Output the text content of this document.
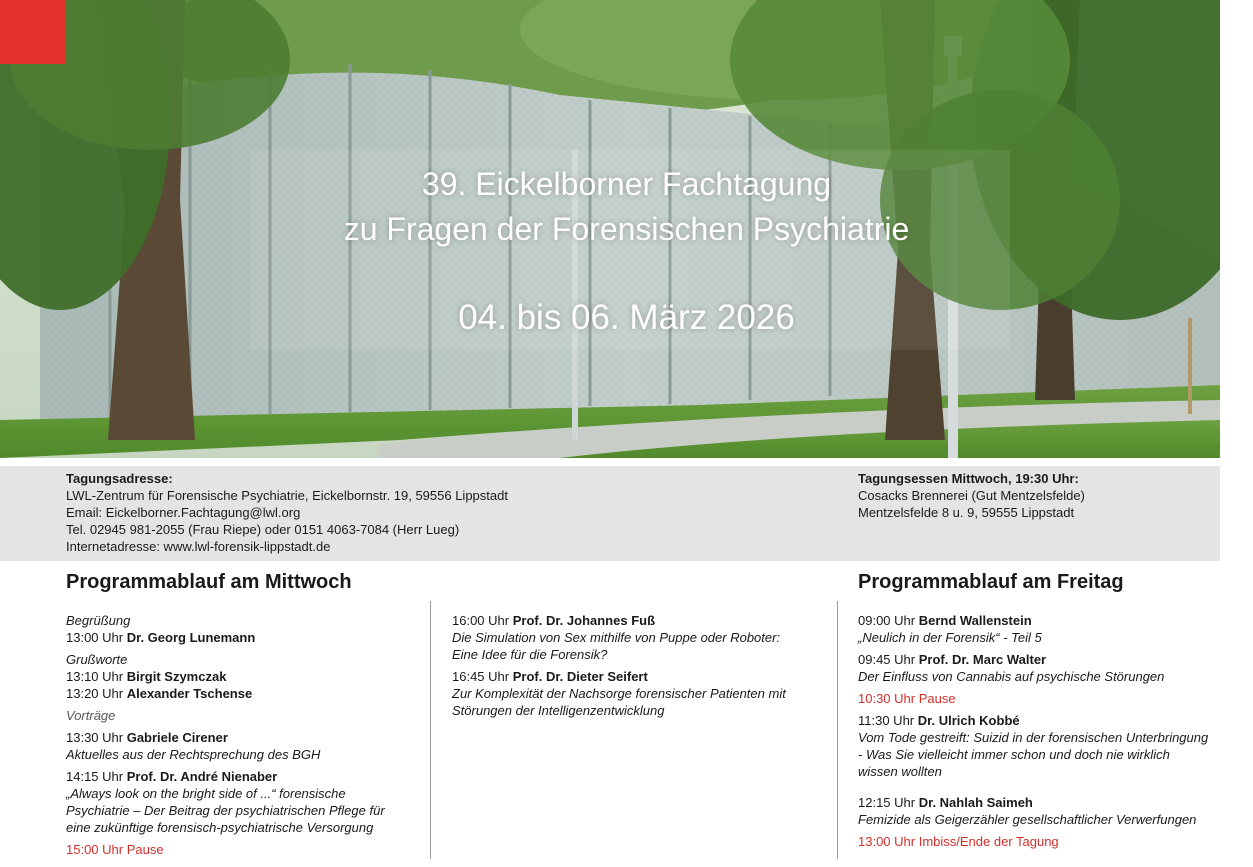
39. Eickelborner Fachtagung
zu Fragen der Forensischen Psychiatrie
04. bis 06. März 2026
Tagungsadresse:
LWL-Zentrum für Forensische Psychiatrie, Eickelbornstr. 19, 59556 Lippstadt
Email: Eickelborner.Fachtagung@lwl.org
Tel. 02945 981-2055 (Frau Riepe) oder 0151 4063-7084 (Herr Lueg)
Internetadresse: www.lwl-forensik-lippstadt.de
Tagungsessen Mittwoch, 19:30 Uhr:
Cosacks Brennerei (Gut Mentzelsfelde)
Mentzelsfelde 8 u. 9, 59555 Lippstadt
Programmablauf am Mittwoch	Programmablauf am Freitag

Begrüßung

13:00 Uhr Dr. Georg Lunemann

Grußworte

13:10 Uhr Birgit Szymczak

13:20 Uhr Alexander Tschense

Vorträge

13:30 Uhr Gabriele Cirener

Aktuelles aus der Rechtsprechung des BGH

14:15 Uhr Prof. Dr. André Nienaber

„Always look on the bright side of ...“ forensische

Psychiatrie – Der Beitrag der psychiatrischen Pflege für

eine zukünftige forensisch-psychiatrische Versorgung

15:00 Uhr Pause

16:00 Uhr Prof. Dr. Johannes Fuß

Die Simulation von Sex mithilfe von Puppe oder Roboter:

Eine Idee für die Forensik?

16:45 Uhr Prof. Dr. Dieter Seifert

Zur Komplexität der Nachsorge forensischer Patienten mit

Störungen der Intelligenzentwicklung

09:00 Uhr Bernd Wallenstein

„Neulich in der Forensik“ - Teil 5

09:45 Uhr Prof. Dr. Marc Walter

Der Einfluss von Cannabis auf psychische Störungen

10:30 Uhr Pause

11:30 Uhr Dr. Ulrich Kobbé

Vom Tode gestreift: Suizid in der forensischen Unterbringung

- Was Sie vielleicht immer schon und doch nie wirklich

wissen wollten

12:15 Uhr Dr. Nahlah Saimeh

Femizide als Geigerzähler gesellschaftlicher Verwerfungen

13:00 Uhr Imbiss/Ende der Tagung
